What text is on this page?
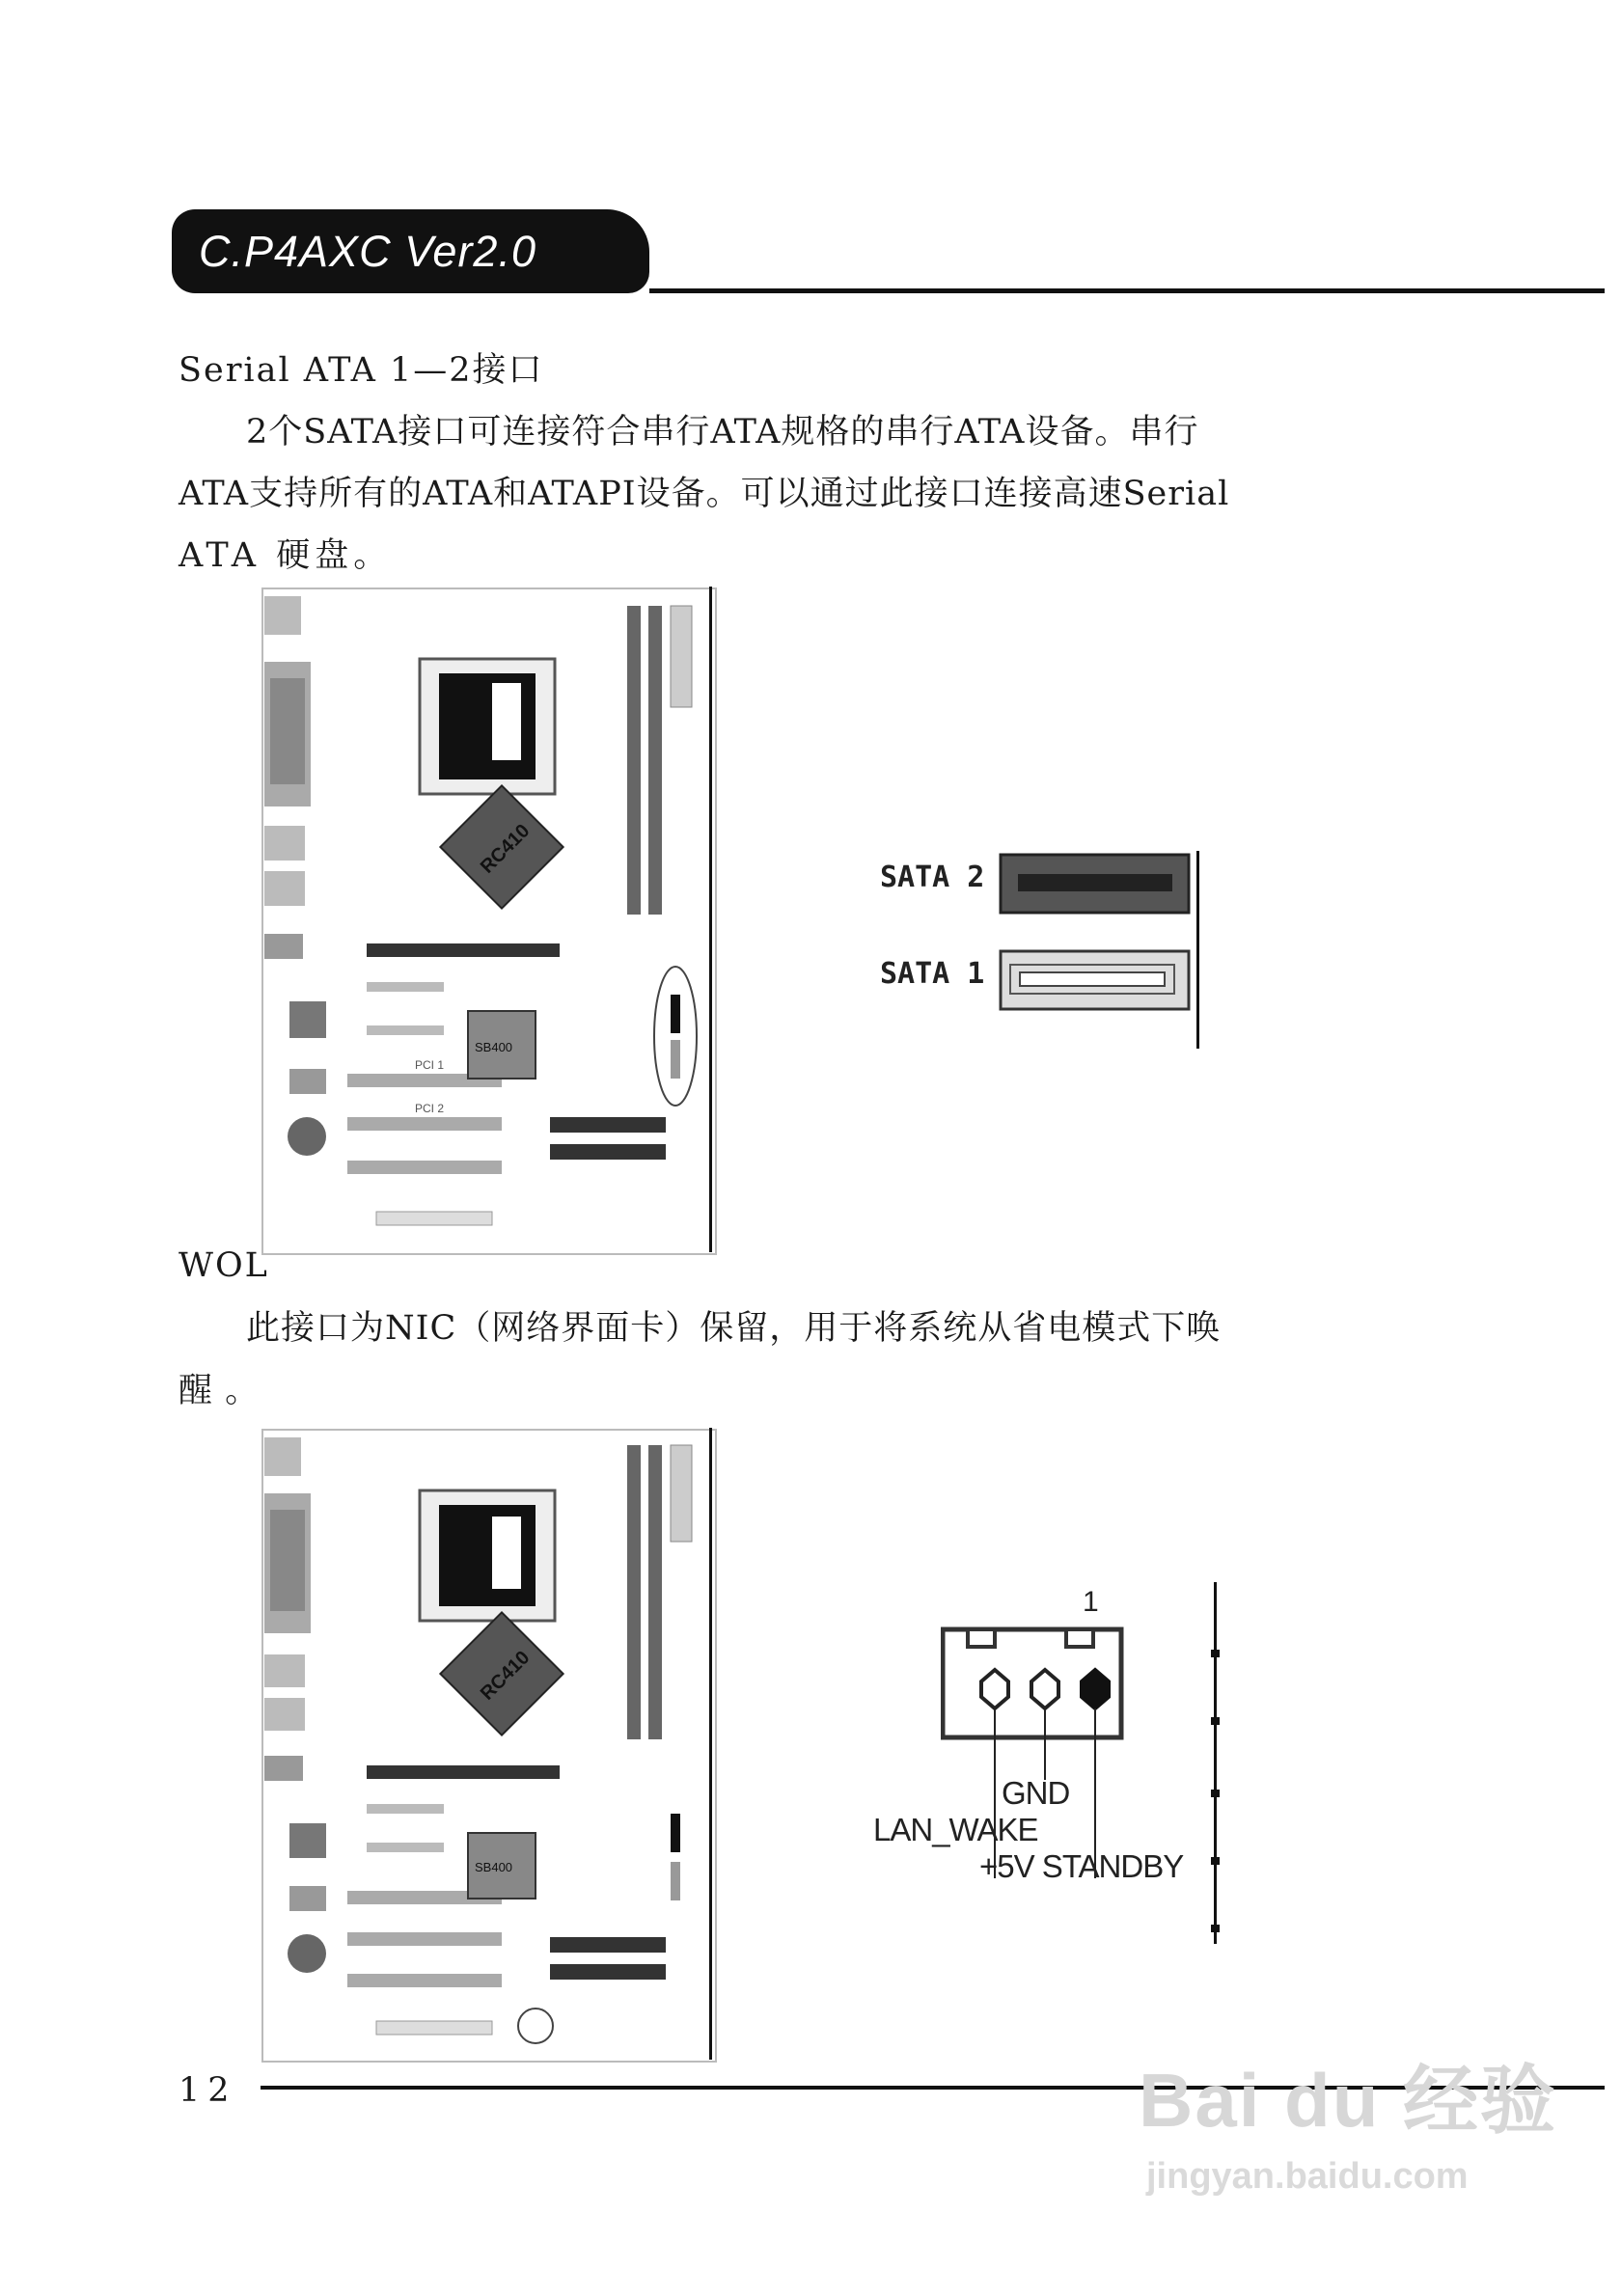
C.P4AXC Ver2.0
Serial ATA 1—2接口
2个SATA接口可连接符合串行ATA规格的串行ATA设备。串行
ATA支持所有的ATA和ATAPI设备。可以通过此接口连接高速Serial
ATA 硬盘。
RC410
PCI 1
PCI 2
SB400
SATA 2
SATA 1
WOL
此接口为NIC（网络界面卡）保留，用于将系统从省电模式下唤
醒 。
RC410
SB400
1
GND
LAN_WAKE
+5V STANDBY
12	Bai du 经验
jingyan.baidu.com
